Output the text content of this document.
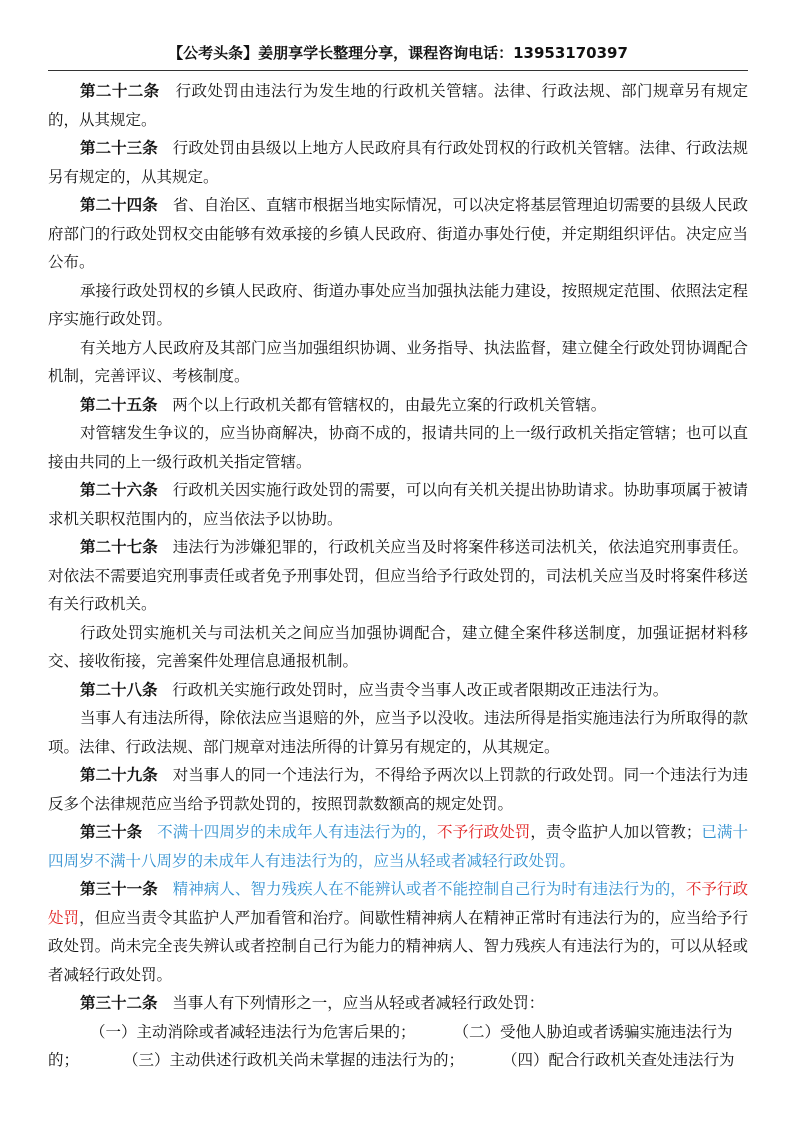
【公考头条】姜朋享学长整理分享，课程咨询电话：13953170397

第二十二条 行政处罚由违法行为发生地的行政机关管辖。法律、行政法规、部门规章另有规定的，从其规定。

第二十三条 行政处罚由县级以上地方人民政府具有行政处罚权的行政机关管辖。法律、行政法规另有规定的，从其规定。

第二十四条 省、自治区、直辖市根据当地实际情况，可以决定将基层管理迫切需要的县级人民政府部门的行政处罚权交由能够有效承接的乡镇人民政府、街道办事处行使，并定期组织评估。决定应当公布。

承接行政处罚权的乡镇人民政府、街道办事处应当加强执法能力建设，按照规定范围、依照法定程序实施行政处罚。

有关地方人民政府及其部门应当加强组织协调、业务指导、执法监督，建立健全行政处罚协调配合机制，完善评议、考核制度。

第二十五条 两个以上行政机关都有管辖权的，由最先立案的行政机关管辖。

对管辖发生争议的，应当协商解决，协商不成的，报请共同的上一级行政机关指定管辖；也可以直接由共同的上一级行政机关指定管辖。

第二十六条 行政机关因实施行政处罚的需要，可以向有关机关提出协助请求。协助事项属于被请求机关职权范围内的，应当依法予以协助。

第二十七条 违法行为涉嫌犯罪的，行政机关应当及时将案件移送司法机关，依法追究刑事责任。对依法不需要追究刑事责任或者免予刑事处罚，但应当给予行政处罚的，司法机关应当及时将案件移送有关行政机关。

行政处罚实施机关与司法机关之间应当加强协调配合，建立健全案件移送制度，加强证据材料移交、接收衔接，完善案件处理信息通报机制。

第二十八条 行政机关实施行政处罚时，应当责令当事人改正或者限期改正违法行为。

当事人有违法所得，除依法应当退赔的外，应当予以没收。违法所得是指实施违法行为所取得的款项。法律、行政法规、部门规章对违法所得的计算另有规定的，从其规定。

第二十九条 对当事人的同一个违法行为，不得给予两次以上罚款的行政处罚。同一个违法行为违反多个法律规范应当给予罚款处罚的，按照罚款数额高的规定处罚。

第三十条 不满十四周岁的未成年人有违法行为的，不予行政处罚，责令监护人加以管教；已满十四周岁不满十八周岁的未成年人有违法行为的，应当从轻或者减轻行政处罚。

第三十一条 精神病人、智力残疾人在不能辨认或者不能控制自己行为时有违法行为的，不予行政处罚，但应当责令其监护人严加看管和治疗。间歇性精神病人在精神正常时有违法行为的，应当给予行政处罚。尚未完全丧失辨认或者控制自己行为能力的精神病人、智力残疾人有违法行为的，可以从轻或者减轻行政处罚。

第三十二条 当事人有下列情形之一，应当从轻或者减轻行政处罚：

（一）主动消除或者减轻违法行为危害后果的； （二）受他人胁迫或者诱骗实施违法行为
的；	（三）主动供述行政机关尚未掌握的违法行为的； （四）配合行政机关查处违法行为
